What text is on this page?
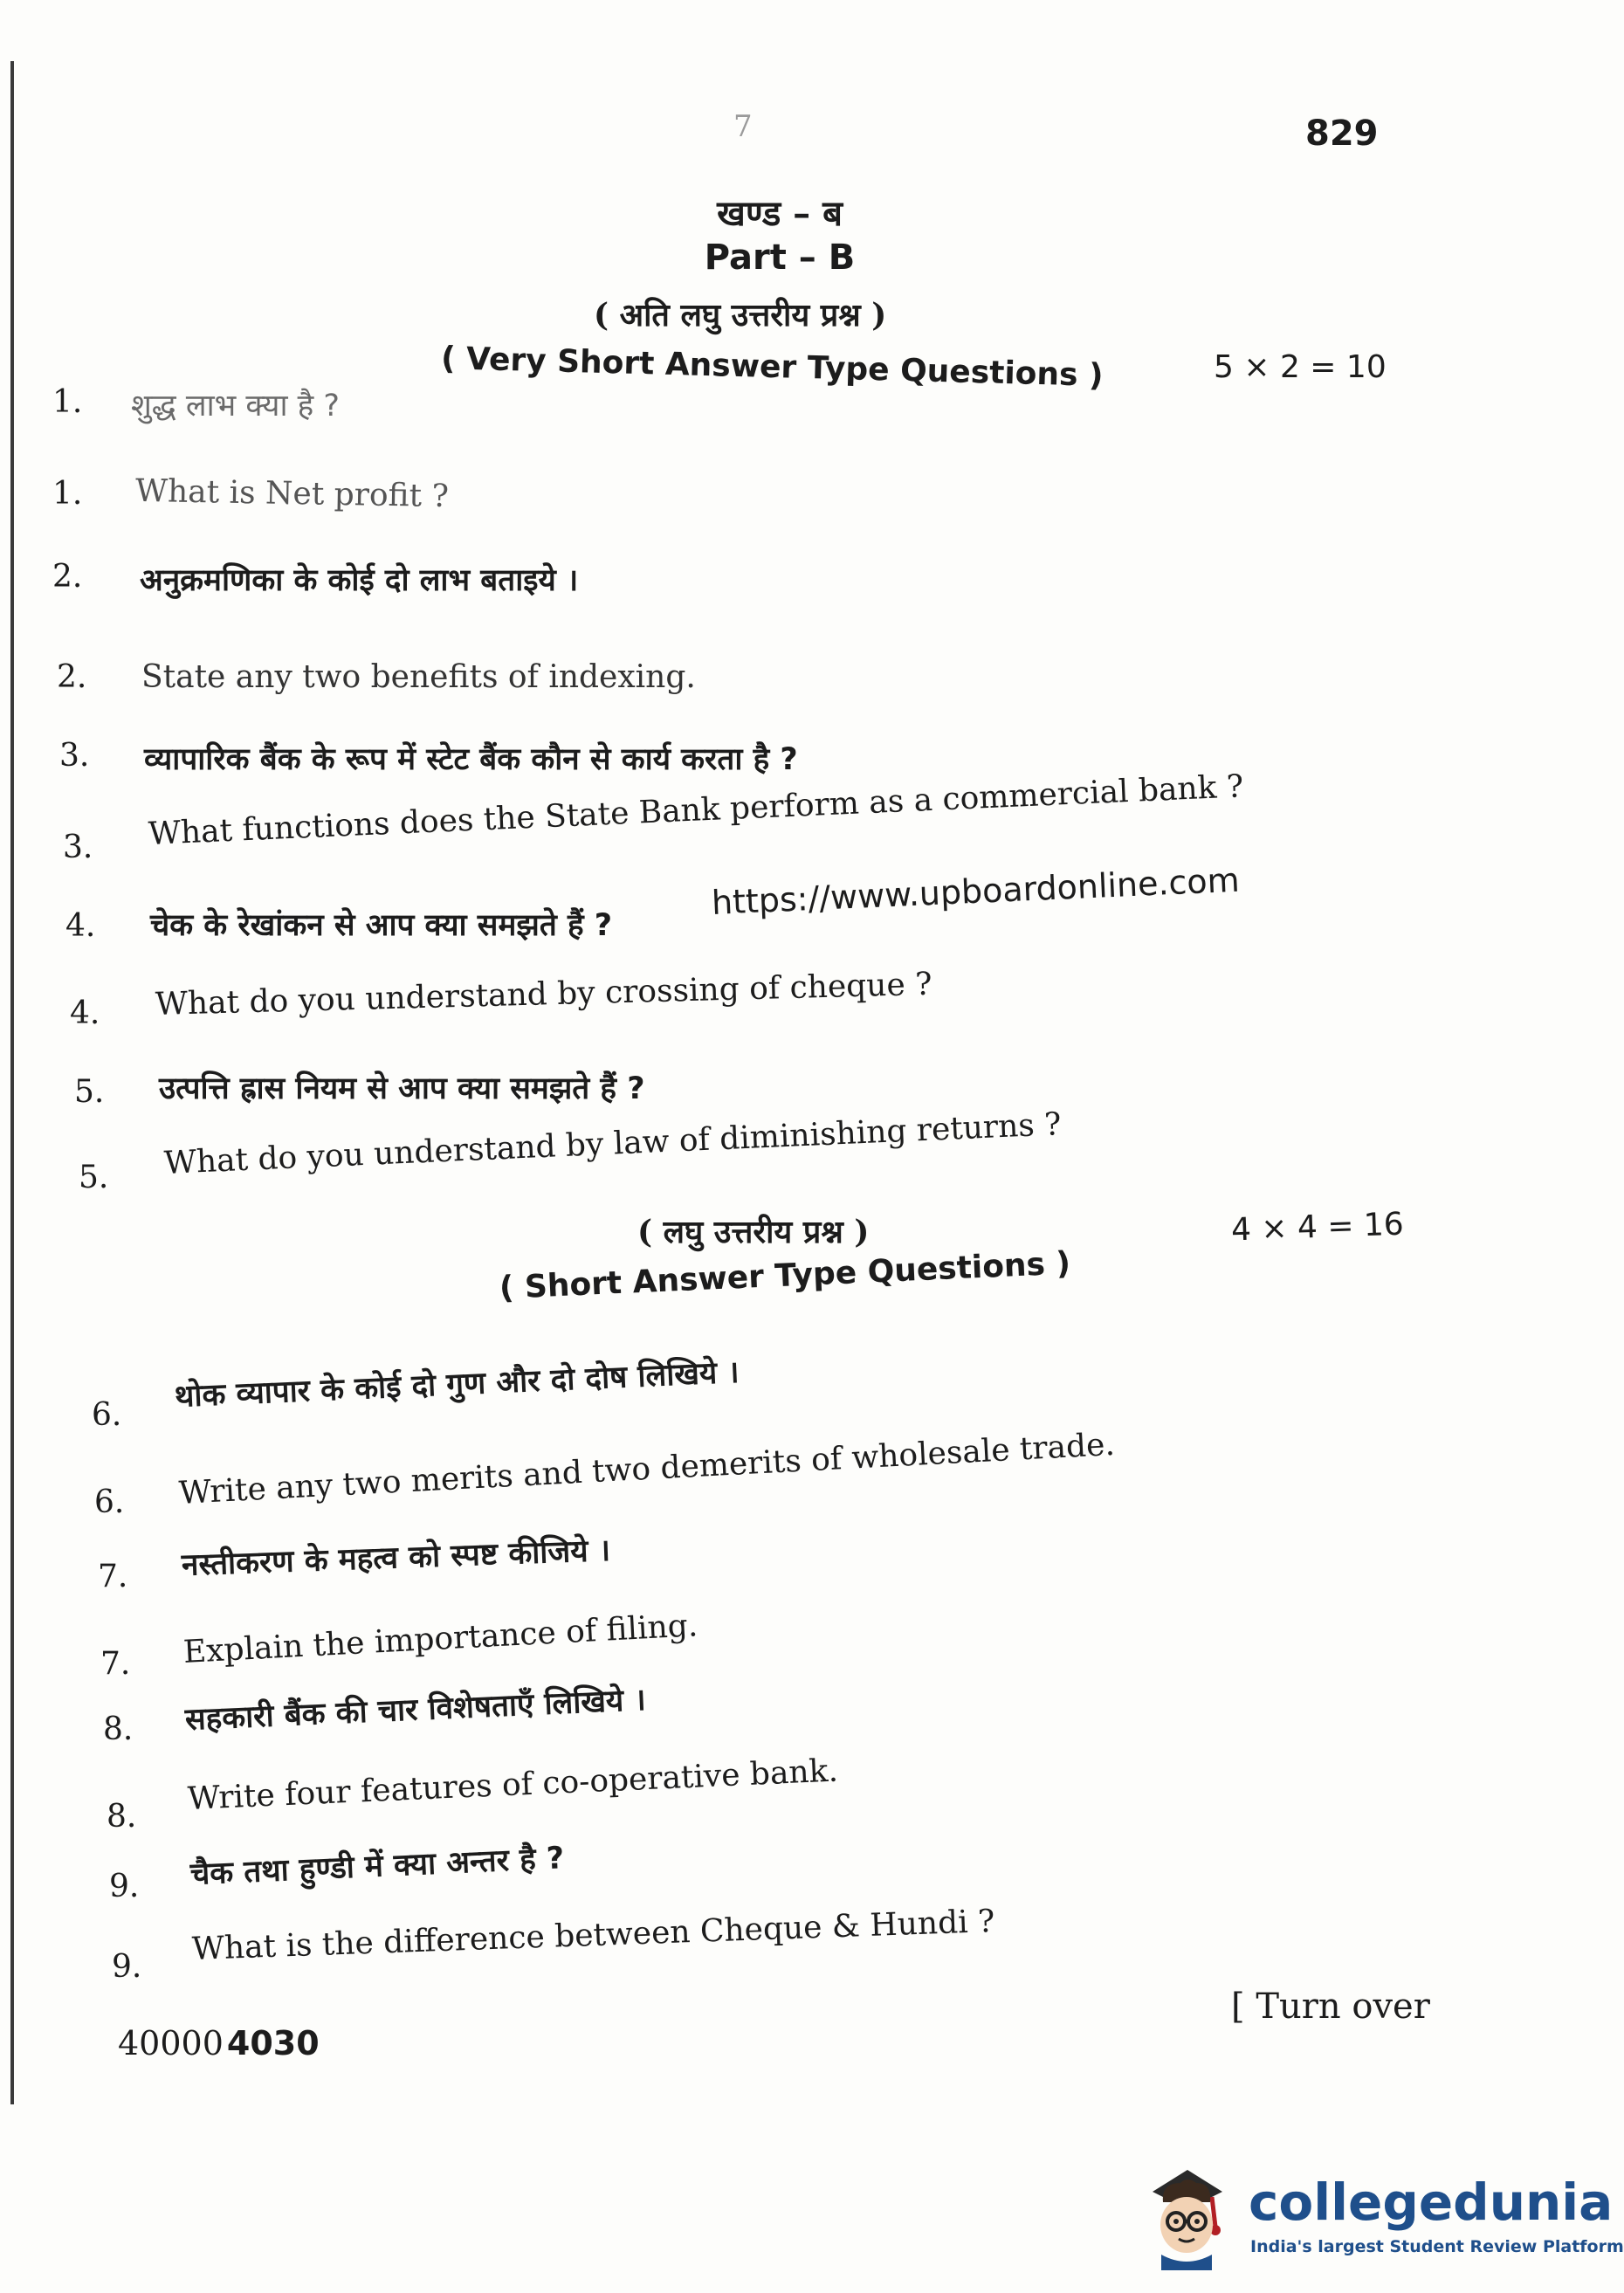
7	829
खण्ड – ब
Part – B
( अति लघु उत्तरीय प्रश्न )
( Very Short Answer Type Questions )	5 × 2 = 10
1.	शुद्ध लाभ क्या है ?
1.	What is Net profit ?
2.	अनुक्रमणिका के कोई दो लाभ बताइये ।
2.	State any two benefits of indexing.
3.	व्यापारिक बैंक के रूप में स्टेट बैंक कौन से कार्य करता है ?
3.	What functions does the State Bank perform as a commercial bank ?
4.	चेक के रेखांकन से आप क्या समझते हैं ?
https://www.upboardonline.com
4.	What do you understand by crossing of cheque ?
5.	उत्पत्ति ह्रास नियम से आप क्या समझते हैं ?
5.	What do you understand by law of diminishing returns ?
( लघु उत्तरीय प्रश्न )	4 × 4 = 16
( Short Answer Type Questions )
6.
थोक व्यापार के कोई दो गुण और दो दोष लिखिये ।
6.	Write any two merits and two demerits of wholesale trade.
7.	नस्तीकरण के महत्व को स्पष्ट कीजिये ।
7.	Explain the importance of filing.
8.	सहकारी बैंक की चार विशेषताएँ लिखिये ।
8.	Write four features of co-operative bank.
9.	चैक तथा हुण्डी में क्या अन्तर है ?
9.	What is the difference between Cheque & Hundi ?
40000 4030
[ Turn over
collegedunia
India's largest Student Review Platform
